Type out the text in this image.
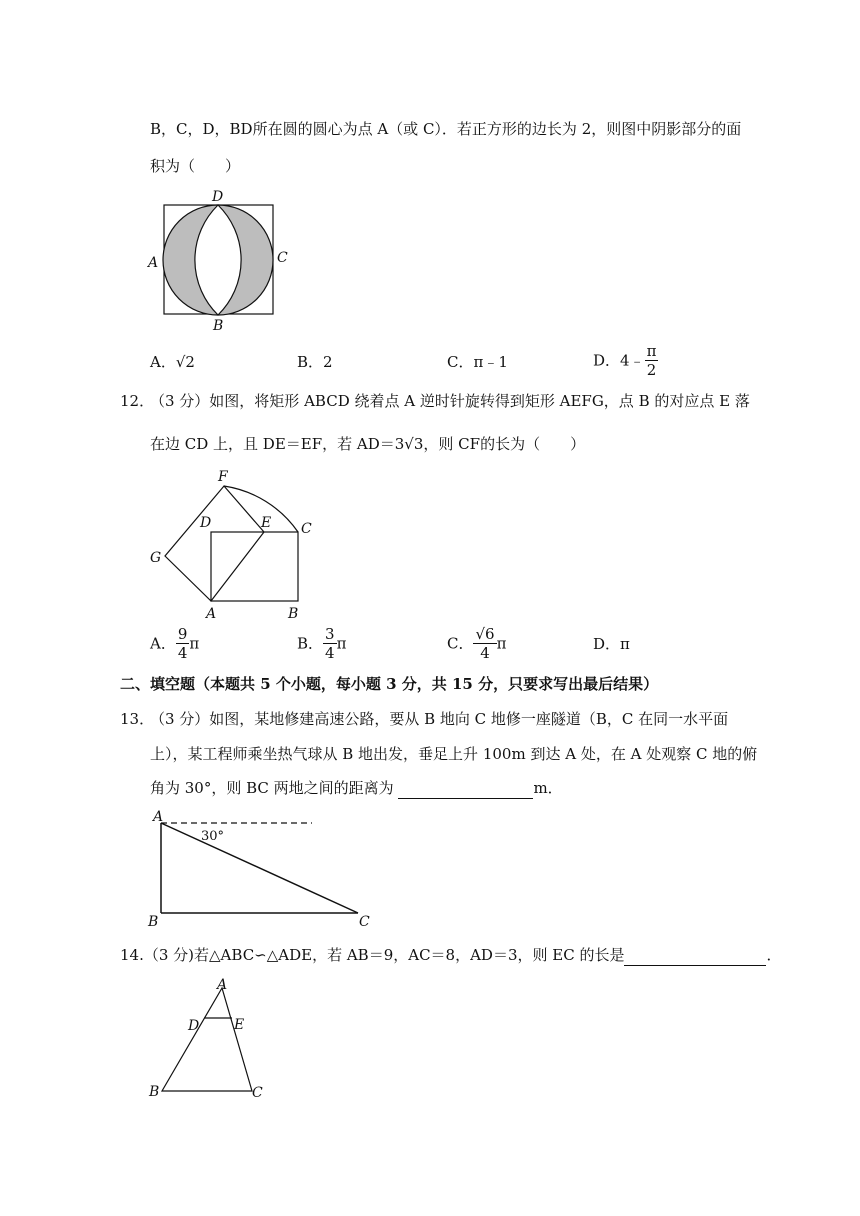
B，C，D，BD所在圆的圆心为点 A（或 C）．若正方形的边长为 2，则图中阴影部分的面
积为（　　）
D
A	C
B
A．√2	B．2	C．π﹣1	D．4﹣ $\frac{\pi}{2}$
12．
（3 分）如图，将矩形 ABCD 绕着点 A 逆时针旋转得到矩形 AEFG，点 B 的对应点 E 落
在边 CD 上，且 DE＝EF，若 AD＝3√3，则 CF的长为（　　）
F
D	E C
G
A	B
A． $\frac{9}{4}$ π	B． $\frac{3}{4}$ π	C． $\frac{√6}{4}$ π	D．π
二、填空题（本题共 5 个小题，每小题 3 分，共 15 分，只要求写出最后结果）
13．
（3 分）如图，某地修建高速公路，要从 B 地向 C 地修一座隧道（B，C 在同一水平面
上），某工程师乘坐热气球从 B 地出发，垂足上升 100m 到达 A 处，在 A 处观察 C 地的俯
角为 30°，则 BC 两地之间的距离为	m．
A
30°
B	C
14.（3 分)若△ABC∽△ADE，若 AB＝9，AC＝8，AD＝3，则 EC 的长是	．
A
D E
B	C
